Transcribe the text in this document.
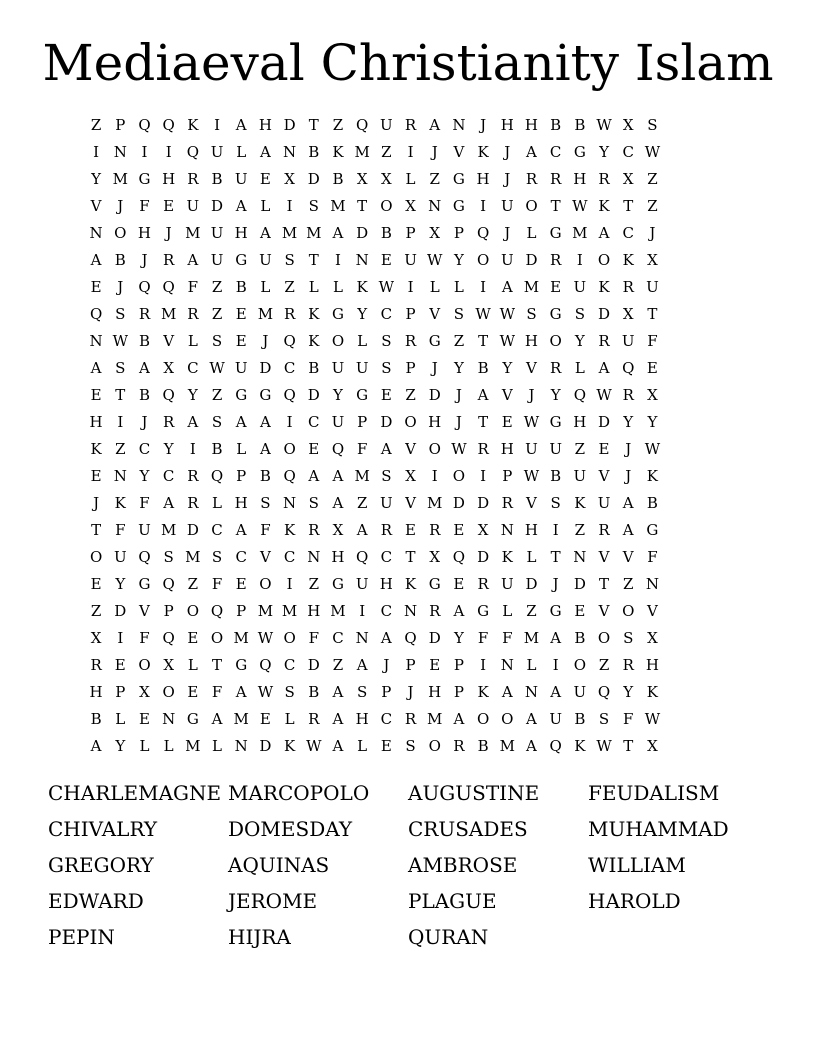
Mediaeval Christianity Islam
Z P Q Q K	I	A H D T Z Q U R A N J H H B B W X S
I N I	I	Q U L A N B K M Z	I	J	V K	J	A C G Y C W
Y M G H R B U E X D B X X L Z G H J	R R H R X Z
V	J	F E U D A L	I	S M T O X N G	I U O T W K T Z
N O H J M U H A M M A D B P X P Q	J	L G M A C	J
A B	J	R A U G U S T	I N E U W Y O U D R	I	O K X
E	J	Q Q F Z B L Z L L K W I	L L	I	A M E U K R U
Q S R M R Z E M R K G Y C P V S W W S G S D X T
N W B V L S E	J	Q K O L S R G Z T W H O Y R U F
A S A X C W U D C B U U S P	J	Y B Y V R L A Q E
E T B Q Y Z G G Q D Y G E Z D	J	A V	J	Y Q W R X
H I	J	R A S A A	I	C U P D O H J	T E W G H D Y Y
K Z C Y	I	B L A O E Q F A V O W R H U U Z E	J W
E N Y C R Q P B Q A A M S X	I	O	I	P W B U V	J	K
J	K F A R L H S N S A Z U V M D D R V S K U A B
T F U M D C A F K R X A R E R E X N H I	Z R A G
O U Q S M S C V C N H Q C T X Q D K L T N V V F
E Y G Q Z F E O	I	Z G U H K G E R U D	J	D T Z N
Z D V P O Q P M M H M I	C N R A G L Z G E V O V
X	I	F Q E O M W O F C N A Q D Y F F M A B O S X
R E O X L T G Q C D Z A	J	P E P	I N L	I	O Z R H
H P X O E F A W S B A S P	J H P K A N A U Q Y K
B L E N G A M E L R A H C R M A O O A U B S F W
A Y L L M L N D K W A L E S O R B M A Q K W T X
CHARLEMAGNE MARCOPOLO	AUGUSTINE	FEUDALISM
CHIVALRY	DOMESDAY	CRUSADES	MUHAMMAD
GREGORY	AQUINAS	AMBROSE	WILLIAM
EDWARD	JEROME	PLAGUE	HAROLD
PEPIN	HIJRA	QURAN
